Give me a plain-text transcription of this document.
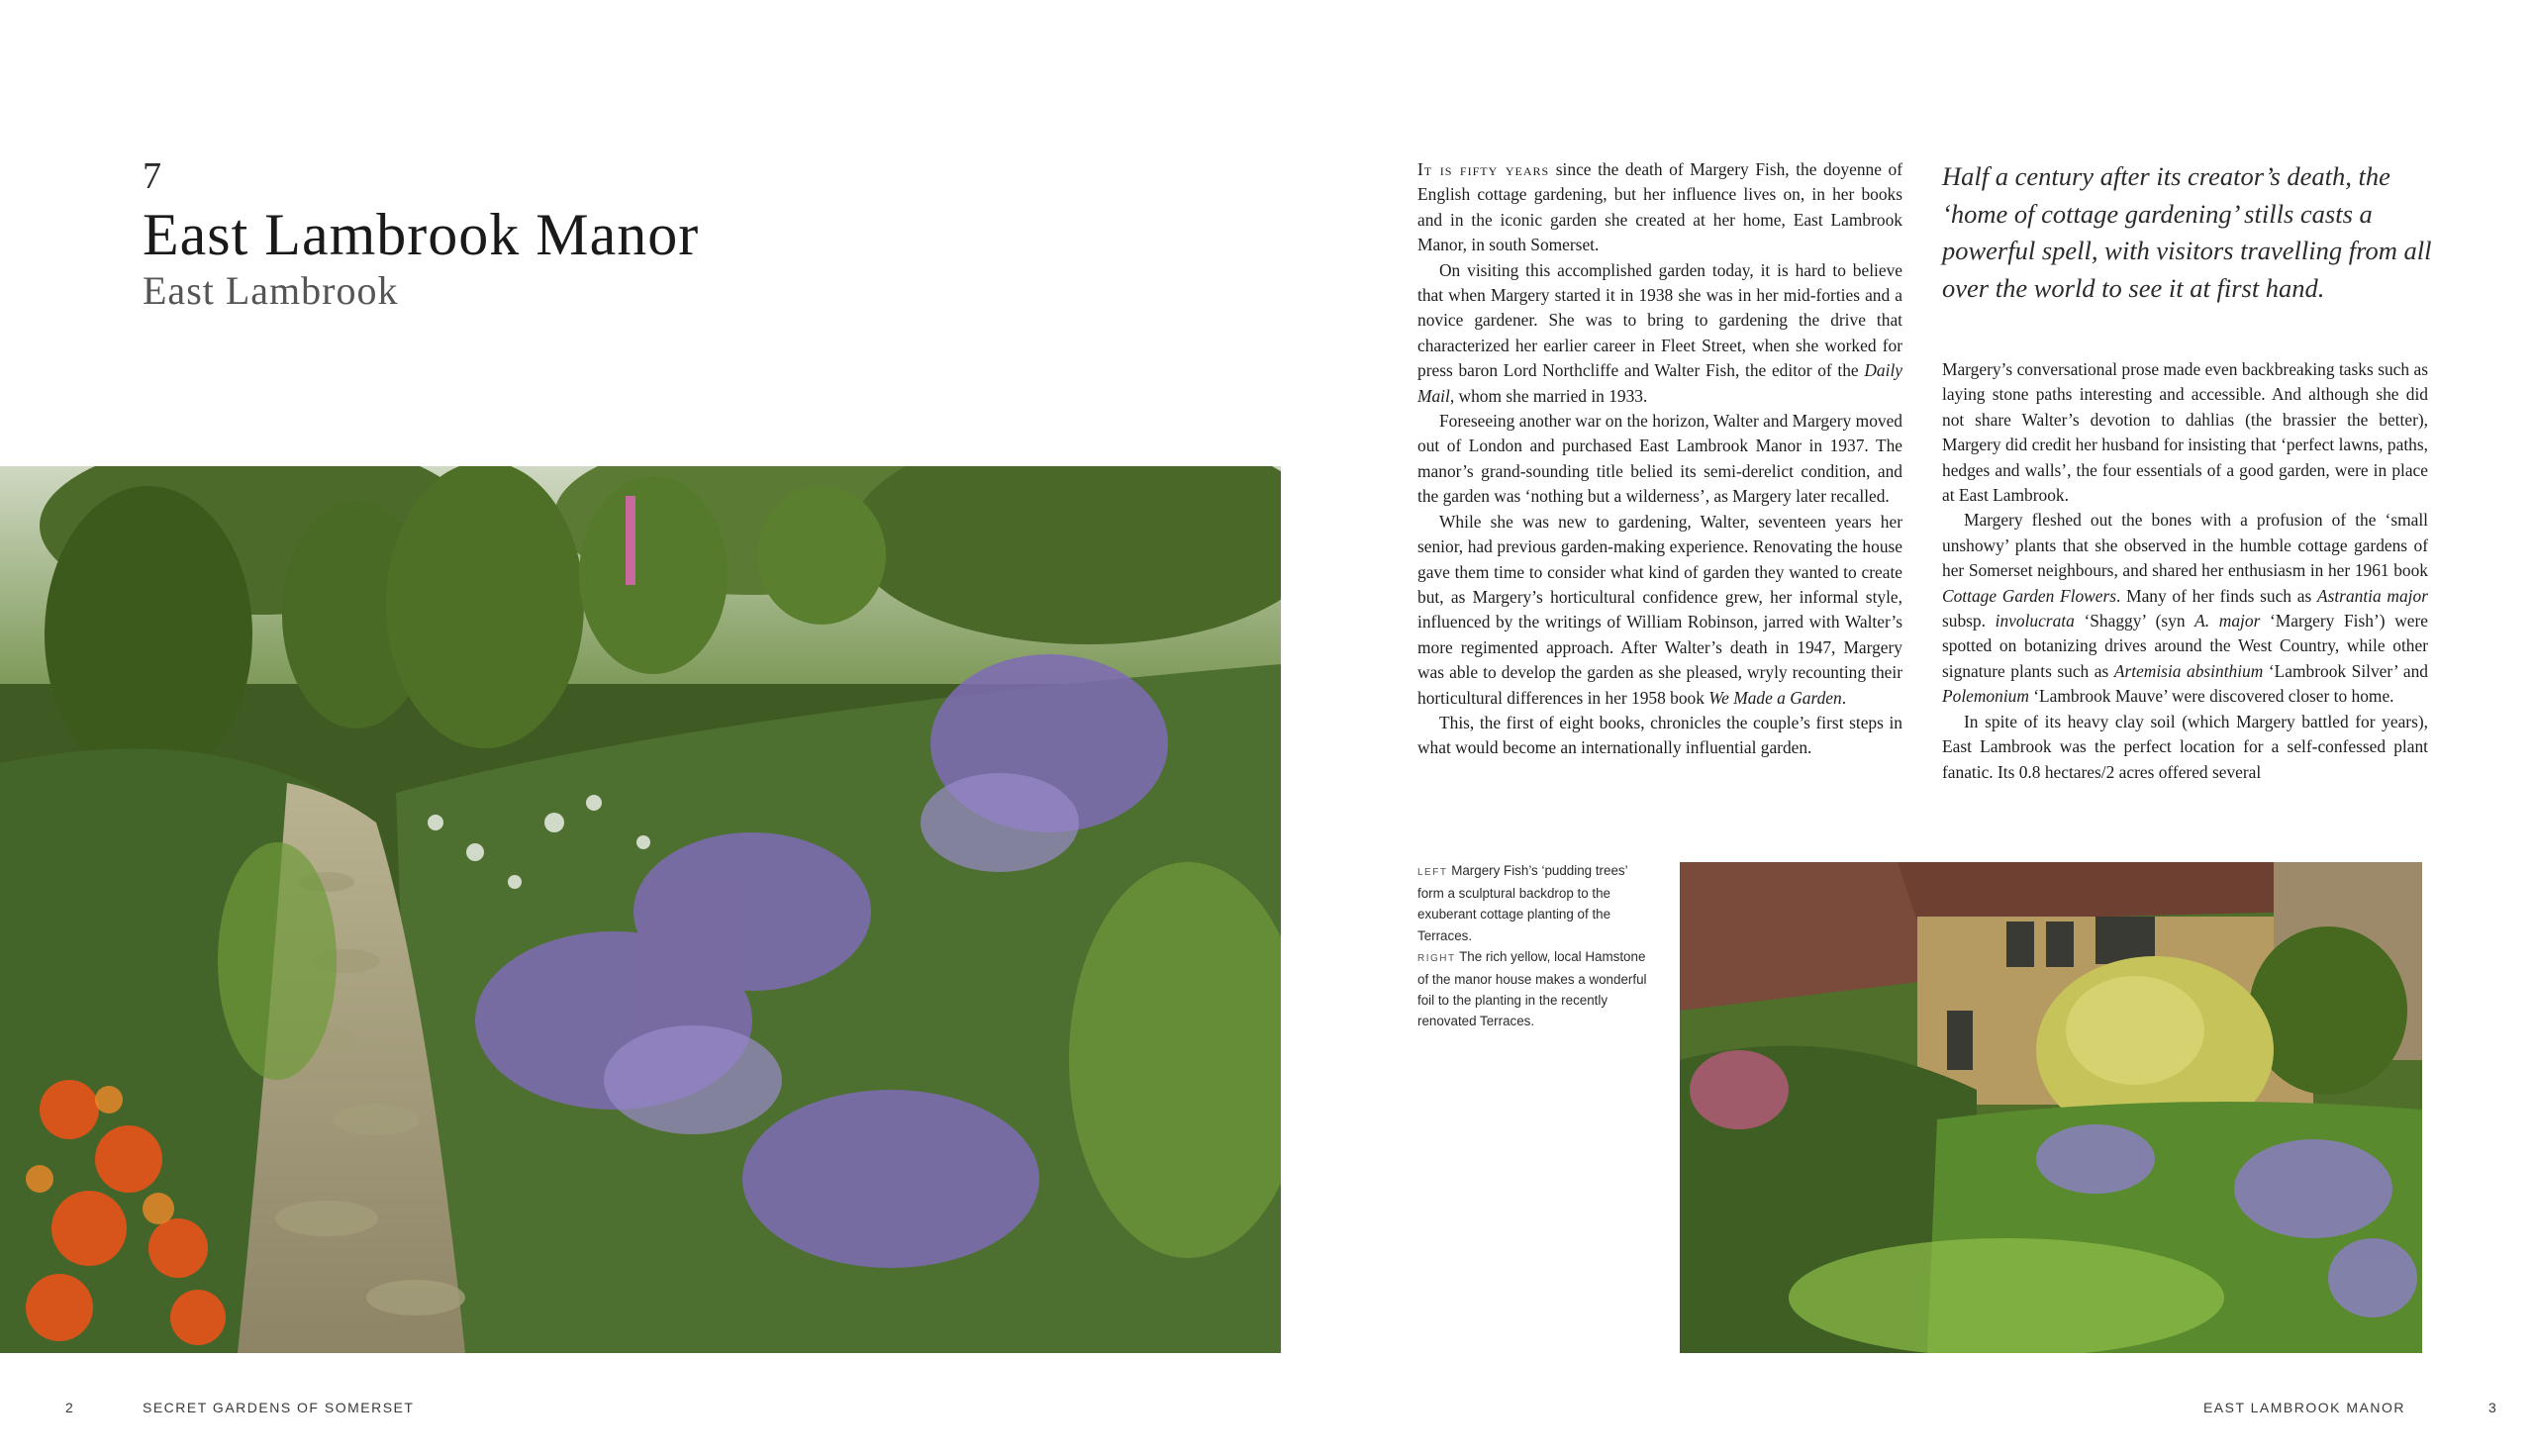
7
East Lambrook Manor
East Lambrook

It is fifty years since the death of Margery Fish, the doyenne of English cottage gardening, but her influence lives on, in her books and in the iconic garden she created at her home, East Lambrook Manor, in south Somerset.

On visiting this accomplished garden today, it is hard to believe that when Margery started it in 1938 she was in her mid-forties and a novice gardener. She was to bring to gardening the drive that characterized her earlier career in Fleet Street, when she worked for press baron Lord Northcliffe and Walter Fish, the editor of the Daily Mail, whom she married in 1933.

Foreseeing another war on the horizon, Walter and Margery moved out of London and purchased East Lambrook Manor in 1937. The manor’s grand-sounding title belied its semi-derelict condition, and the garden was ‘nothing but a wilderness’, as Margery later recalled.

While she was new to gardening, Walter, seventeen years her senior, had previous garden-making experience. Renovating the house gave them time to consider what kind of garden they wanted to create but, as Margery’s horticultural confidence grew, her informal style, influenced by the writings of William Robinson, jarred with Walter’s more regimented approach. After Walter’s death in 1947, Margery was able to develop the garden as she pleased, wryly recounting their horticultural differences in her 1958 book We Made a Garden.

This, the first of eight books, chronicles the couple’s first steps in what would become an internationally influential garden.

Half a century after its creator’s death, the ‘home of cottage gardening’ stills casts a powerful spell, with visitors travelling from all over the world to see it at first hand.

Margery’s conversational prose made even backbreaking tasks such as laying stone paths interesting and accessible. And although she did not share Walter’s devotion to dahlias (the brassier the better), Margery did credit her husband for insisting that ‘perfect lawns, paths, hedges and walls’, the four essentials of a good garden, were in place at East Lambrook.

Margery fleshed out the bones with a profusion of the ‘small unshowy’ plants that she observed in the humble cottage gardens of her Somerset neighbours, and shared her enthusiasm in her 1961 book Cottage Garden Flowers. Many of her finds such as Astrantia major subsp. involucrata ‘Shaggy’ (syn A. major ‘Margery Fish’) were spotted on botanizing drives around the West Country, while other signature plants such as Artemisia absinthium ‘Lambrook Silver’ and Polemonium ‘Lambrook Mauve’ were discovered closer to home.

In spite of its heavy clay soil (which Margery battled for years), East Lambrook was the perfect location for a self-confessed plant fanatic. Its 0.8 hectares/2 acres offered several

LEFT Margery Fish’s ‘pudding trees’ form a sculptural backdrop to the exuberant cottage planting of the Terraces.
RIGHT The rich yellow, local Hamstone of the manor house makes a wonderful foil to the planting in the recently renovated Terraces.
2	SECRET GARDENS OF SOMERSET	EAST LAMBROOK MANOR	3
